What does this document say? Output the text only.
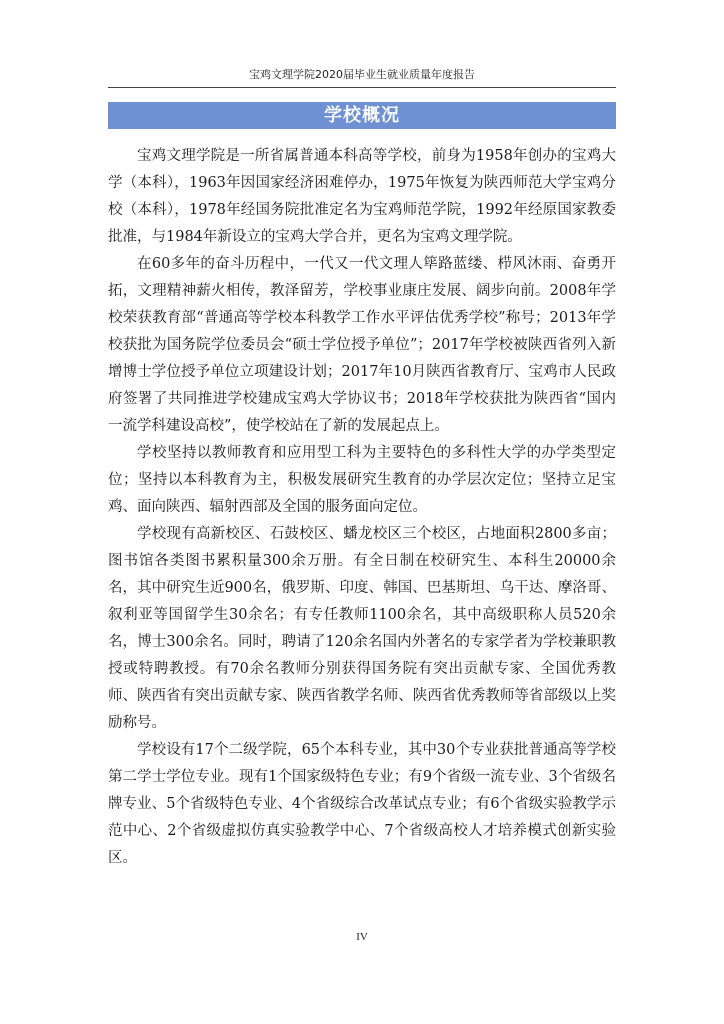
宝鸡文理学院2020届毕业生就业质量年度报告
学校概况

宝鸡文理学院是一所省属普通本科高等学校，前身为1958年创办的宝鸡大学（本科），1963年因国家经济困难停办，1975年恢复为陕西师范大学宝鸡分校（本科），1978年经国务院批准定名为宝鸡师范学院，1992年经原国家教委批准，与1984年新设立的宝鸡大学合并，更名为宝鸡文理学院。

在60多年的奋斗历程中，一代又一代文理人筚路蓝缕、栉风沐雨、奋勇开拓，文理精神薪火相传，教泽留芳，学校事业康庄发展、阔步向前。2008年学校荣获教育部“普通高等学校本科教学工作水平评估优秀学校”称号；2013年学校获批为国务院学位委员会“硕士学位授予单位”；2017年学校被陕西省列入新增博士学位授予单位立项建设计划；2017年10月陕西省教育厅、宝鸡市人民政府签署了共同推进学校建成宝鸡大学协议书；2018年学校获批为陕西省“国内一流学科建设高校”，使学校站在了新的发展起点上。

学校坚持以教师教育和应用型工科为主要特色的多科性大学的办学类型定位；坚持以本科教育为主，积极发展研究生教育的办学层次定位；坚持立足宝鸡、面向陕西、辐射西部及全国的服务面向定位。

学校现有高新校区、石鼓校区、蟠龙校区三个校区，占地面积2800多亩；图书馆各类图书累积量300余万册。有全日制在校研究生、本科生20000余名，其中研究生近900名，俄罗斯、印度、韩国、巴基斯坦、乌干达、摩洛哥、叙利亚等国留学生30余名；有专任教师1100余名，其中高级职称人员520余名，博士300余名。同时，聘请了120余名国内外著名的专家学者为学校兼职教授或特聘教授。有70余名教师分别获得国务院有突出贡献专家、全国优秀教师、陕西省有突出贡献专家、陕西省教学名师、陕西省优秀教师等省部级以上奖励称号。

学校设有17个二级学院，65个本科专业，其中30个专业获批普通高等学校第二学士学位专业。现有1个国家级特色专业；有9个省级一流专业、3个省级名牌专业、5个省级特色专业、4个省级综合改革试点专业；有6个省级实验教学示范中心、2个省级虚拟仿真实验教学中心、7个省级高校人才培养模式创新实验区。

IV
